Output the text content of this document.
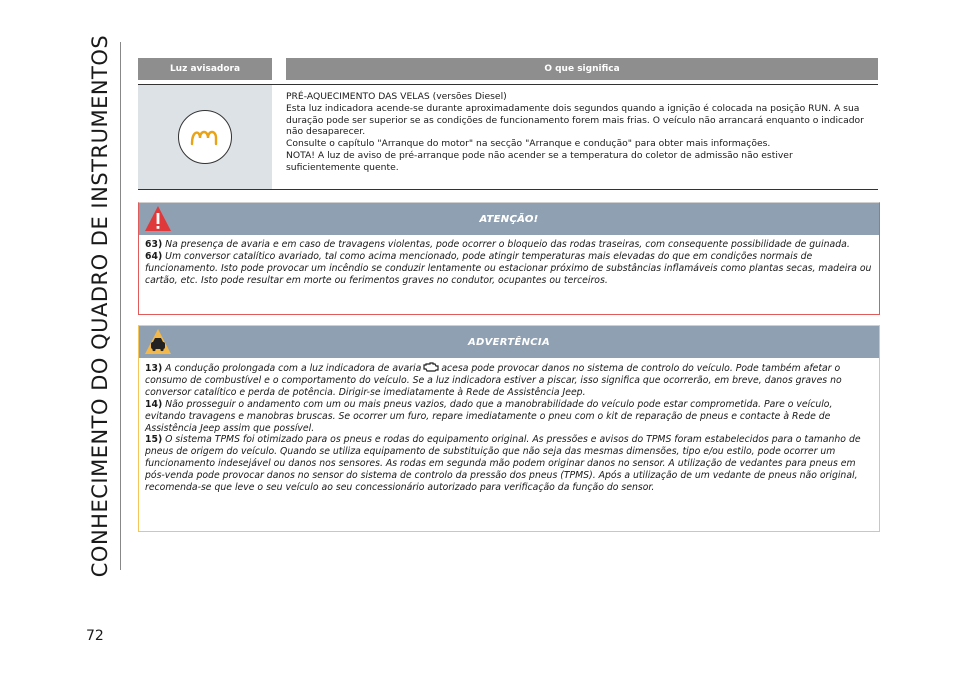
CONHECIMENTO DO QUADRO DE INSTRUMENTOS
72
Luz avisadora	O que significa

PRÉ-AQUECIMENTO DAS VELAS (versões Diesel)

Esta luz indicadora acende-se durante aproximadamente dois segundos quando a ignição é colocada na posição RUN. A sua duração pode ser superior se as condições de funcionamento forem mais frias. O veículo não arrancará enquanto o indicador não desaparecer.

Consulte o capítulo "Arranque do motor" na secção "Arranque e condução" para obter mais informações.

NOTA! A luz de aviso de pré-arranque pode não acender se a temperatura do coletor de admissão não estiver suficientemente quente.

ATENÇÃO!

63) Na presença de avaria e em caso de travagens violentas, pode ocorrer o bloqueio das rodas traseiras, com consequente possibilidade de guinada.

64) Um conversor catalítico avariado, tal como acima mencionado, pode atingir temperaturas mais elevadas do que em condições normais de funcionamento. Isto pode provocar um incêndio se conduzir lentamente ou estacionar próximo de substâncias inflamáveis como plantas secas, madeira ou cartão, etc. Isto pode resultar em morte ou ferimentos graves no condutor, ocupantes ou terceiros.

ADVERTÊNCIA

13) A condução prolongada com a luz indicadora de avaria acesa pode provocar danos no sistema de controlo do veículo. Pode também afetar o consumo de combustível e o comportamento do veículo. Se a luz indicadora estiver a piscar, isso significa que ocorrerão, em breve, danos graves no conversor catalítico e perda de potência. Dirigir-se imediatamente à Rede de Assistência Jeep.

14) Não prosseguir o andamento com um ou mais pneus vazios, dado que a manobrabilidade do veículo pode estar comprometida. Pare o veículo, evitando travagens e manobras bruscas. Se ocorrer um furo, repare imediatamente o pneu com o kit de reparação de pneus e contacte à Rede de Assistência Jeep assim que possível.

15) O sistema TPMS foi otimizado para os pneus e rodas do equipamento original. As pressões e avisos do TPMS foram estabelecidos para o tamanho de pneus de origem do veículo. Quando se utiliza equipamento de substituição que não seja das mesmas dimensões, tipo e/ou estilo, pode ocorrer um funcionamento indesejável ou danos nos sensores. As rodas em segunda mão podem originar danos no sensor. A utilização de vedantes para pneus em pós-venda pode provocar danos no sensor do sistema de controlo da pressão dos pneus (TPMS). Após a utilização de um vedante de pneus não original, recomenda-se que leve o seu veículo ao seu concessionário autorizado para verificação da função do sensor.
